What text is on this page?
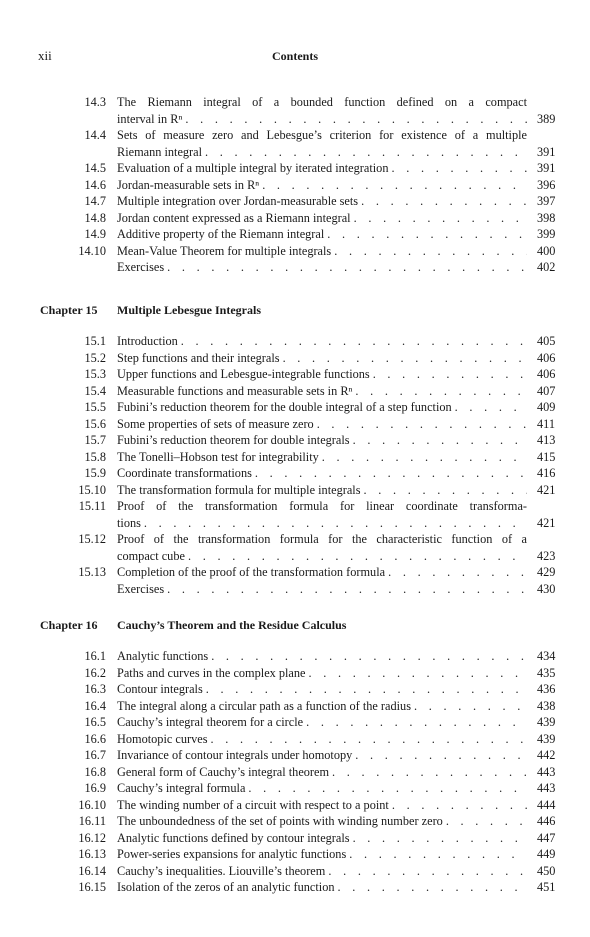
xii	Contents
14.3 The Riemann integral of a bounded function defined on a compact
interval in Rⁿ . . .	389
14.4 Sets of measure zero and Lebesgue’s criterion for existence of a multiple
Riemann integral . . .	391
14.5 Evaluation of a multiple integral by iterated integration . . .	391
14.6 Jordan-measurable sets in Rⁿ . . .	396
14.7 Multiple integration over Jordan-measurable sets . . .	397
14.8 Jordan content expressed as a Riemann integral . . .	398
14.9 Additive property of the Riemann integral . . .	399
14.10 Mean-Value Theorem for multiple integrals . . .	400
Exercises . . .	402
Chapter 15 Multiple Lebesgue Integrals
15.1 Introduction . . .	405
15.2 Step functions and their integrals . . .	406
15.3 Upper functions and Lebesgue-integrable functions . . .	406
15.4 Measurable functions and measurable sets in Rⁿ . . .	407
15.5 Fubini’s reduction theorem for the double integral of a step function . . .	409
15.6 Some properties of sets of measure zero . . .	411
15.7 Fubini’s reduction theorem for double integrals . . .	413
15.8 The Tonelli–Hobson test for integrability . . .	415
15.9 Coordinate transformations . . .	416
15.10 The transformation formula for multiple integrals . . .	421
15.11 Proof of the transformation formula for linear coordinate transforma-
tions . . .	421
15.12 Proof of the transformation formula for the characteristic function of a
compact cube . . .	423
15.13 Completion of the proof of the transformation formula . . .	429
Exercises . . .	430
Chapter 16 Cauchy’s Theorem and the Residue Calculus
16.1 Analytic functions . . .	434
16.2 Paths and curves in the complex plane . . .	435
16.3 Contour integrals . . .	436
16.4 The integral along a circular path as a function of the radius . . .	438
16.5 Cauchy’s integral theorem for a circle . . .	439
16.6 Homotopic curves . . .	439
16.7 Invariance of contour integrals under homotopy . . .	442
16.8 General form of Cauchy’s integral theorem . . .	443
16.9 Cauchy’s integral formula . . .	443
16.10 The winding number of a circuit with respect to a point . . .	444
16.11 The unboundedness of the set of points with winding number zero . . .	446
16.12 Analytic functions defined by contour integrals . . .	447
16.13 Power-series expansions for analytic functions . . .	449
16.14 Cauchy’s inequalities. Liouville’s theorem . . .	450
16.15 Isolation of the zeros of an analytic function . . .	451
